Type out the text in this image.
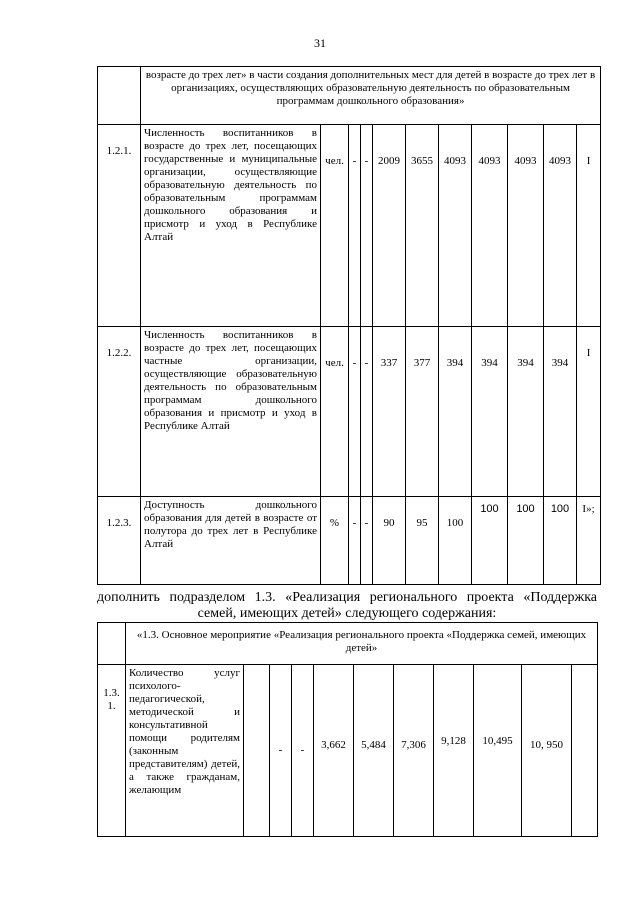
31
	возрасте до трех лет» в части создания дополнительных мест для детей в возрасте до трех лет в организациях, осуществляющих образовательную деятельность по образовательным программам дошкольного образования»										
1.2.1.	Численность воспитанников в возрасте до трех лет, посещающих государственные и муниципальные организации, осуществляющие образовательную деятельность по образовательным программам дошкольного образования и присмотр и уход в Республике Алтай	чел.	-	-	2009	3655	4093	4093	4093	4093	I
1.2.2.	Численность воспитанников в возрасте до трех лет, посещающих частные организации, осуществляющие образовательную деятельность по образовательным программам дошкольного образования и присмотр и уход в Республике Алтай	чел.	-	-	337	377	394	394	394	394	I
1.2.3.	Доступность дошкольного образования для детей в возрасте от полутора до трех лет в Республике Алтай	%	-	-	90	95	100	100	100	100	I»;
дополнить подразделом 1.3. «Реализация регионального проекта «Поддержка семей, имеющих детей» следующего содержания:
	«1.3. Основное мероприятие «Реализация регионального проекта «Поддержка семей, имеющих детей»										
1.3. 1.	Количество услуг психолого-педагогической, методической и консультативной помощи родителям (законным представителям) детей, а также гражданам, желающим		-	-	3,662	5,484	7,306	9,128	10,495	10, 950	
